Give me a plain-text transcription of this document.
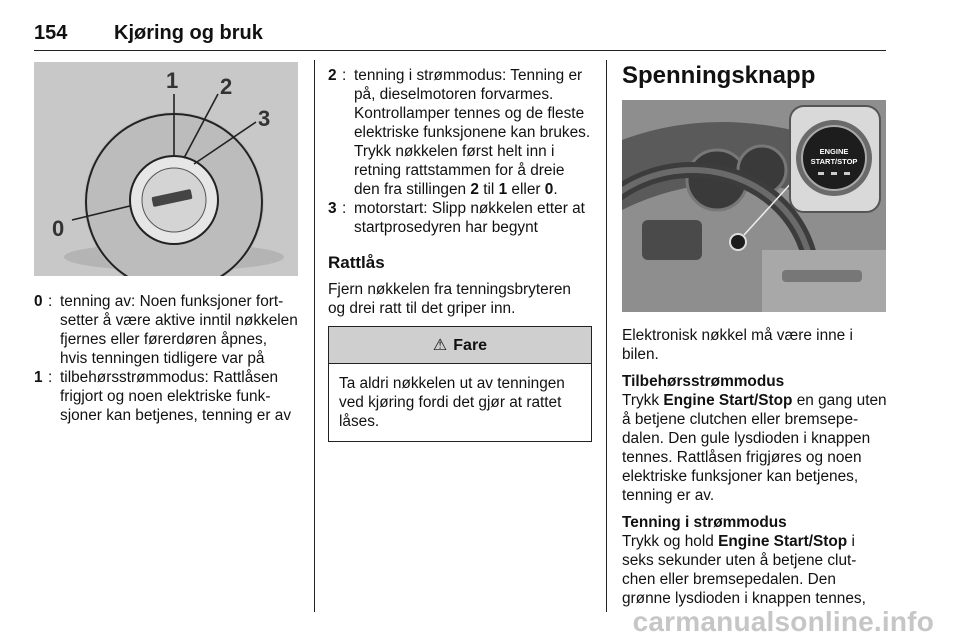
154 Kjøring og bruk
1 2
3
0
0 : tenning av: Noen funksjoner fort-setter å være aktive inntil nøkkelen fjernes eller førerdøren åpnes, hvis tenningen tidligere var på
1 : tilbehørsstrømmodus: Rattlåsen frigjort og noen elektriske funk-sjoner kan betjenes, tenning er av
2 : tenning i strømmodus: Tenning er på, dieselmotoren forvarmes. Kontrollamper tennes og de fleste elektriske funksjonene kan brukes. Trykk nøkkelen først helt inn i retning rattstammen for å dreie den fra stillingen 2 til 1 eller 0.
3 : motorstart: Slipp nøkkelen etter at startprosedyren har begynt
Rattlås

Fjern nøkkelen fra tenningsbryteren og drei ratt til det griper inn.

⚠ Fare
Ta aldri nøkkelen ut av tenningen ved kjøring fordi det gjør at rattet låses.
Spenningsknapp
ENGINE
START/STOP

Elektronisk nøkkel må være inne i bilen.

Tilbehørsstrømmodus
Trykk Engine Start/Stop en gang uten å betjene clutchen eller bremsepe-dalen. Den gule lysdioden i knappen tennes. Rattlåsen frigjøres og noen elektriske funksjoner kan betjenes, tenning er av.
Tenning i strømmodus
Trykk og hold Engine Start/Stop i seks sekunder uten å betjene clut-chen eller bremsepedalen. Den grønne lysdioden i knappen tennes,
carmanualsonline.info
